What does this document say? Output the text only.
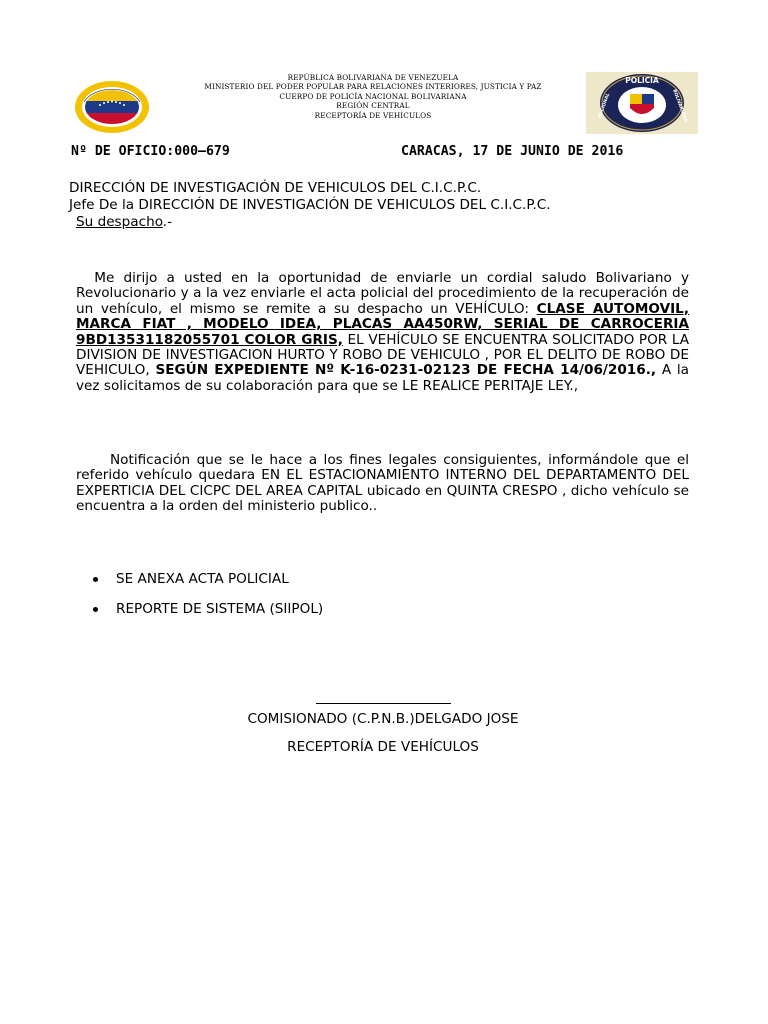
REPÚBLICA BOLIVARIANA DE VENEZUELA
MINISTERIO DEL PODER POPULAR PARA RELACIONES INTERIORES, JUSTICIA Y PAZ
CUERPO DE POLICÍA NACIONAL BOLIVARIANA
REGIÓN CENTRAL
RECEPTORÍA DE VEHICULOS
POLICIA
NACIONAL	BOLIVARIANA
Nº DE OFICIO:000–679	CARACAS, 17 DE JUNIO DE 2016
DIRECCIÓN DE INVESTIGACIÓN DE VEHICULOS DEL C.I.C.P.C.
Jefe De la DIRECCIÓN DE INVESTIGACIÓN DE VEHICULOS DEL C.I.C.P.C.
Su despacho.-
Me dirijo a usted en la oportunidad de enviarle un cordial saludo Bolivariano y Revolucionario y a la vez enviarle el acta policial del procedimiento de la recuperación de un vehículo, el mismo se remite a su despacho un VEHÍCULO: CLASE AUTOMOVIL, MARCA FIAT , MODELO IDEA, PLACAS AA450RW, SERIAL DE CARROCERIA 9BD13531182055701 COLOR GRIS, EL VEHÍCULO SE ENCUENTRA SOLICITADO POR LA DIVISION DE INVESTIGACION HURTO Y ROBO DE VEHICULO , POR EL DELITO DE ROBO DE VEHICULO, SEGÚN EXPEDIENTE Nº K-16-0231-02123 DE FECHA 14/06/2016., A la vez solicitamos de su colaboración para que se LE REALICE PERITAJE LEY.,
Notificación que se le hace a los fines legales consiguientes, informándole que el referido vehículo quedara EN EL ESTACIONAMIENTO INTERNO DEL DEPARTAMENTO DEL EXPERTICIA DEL CICPC DEL AREA CAPITAL ubicado en QUINTA CRESPO , dicho vehículo se encuentra a la orden del ministerio publico..
SE ANEXA ACTA POLICIAL
REPORTE DE SISTEMA (SIIPOL)
COMISIONADO (C.P.N.B.)DELGADO JOSE
RECEPTORÍA DE VEHÍCULOS
